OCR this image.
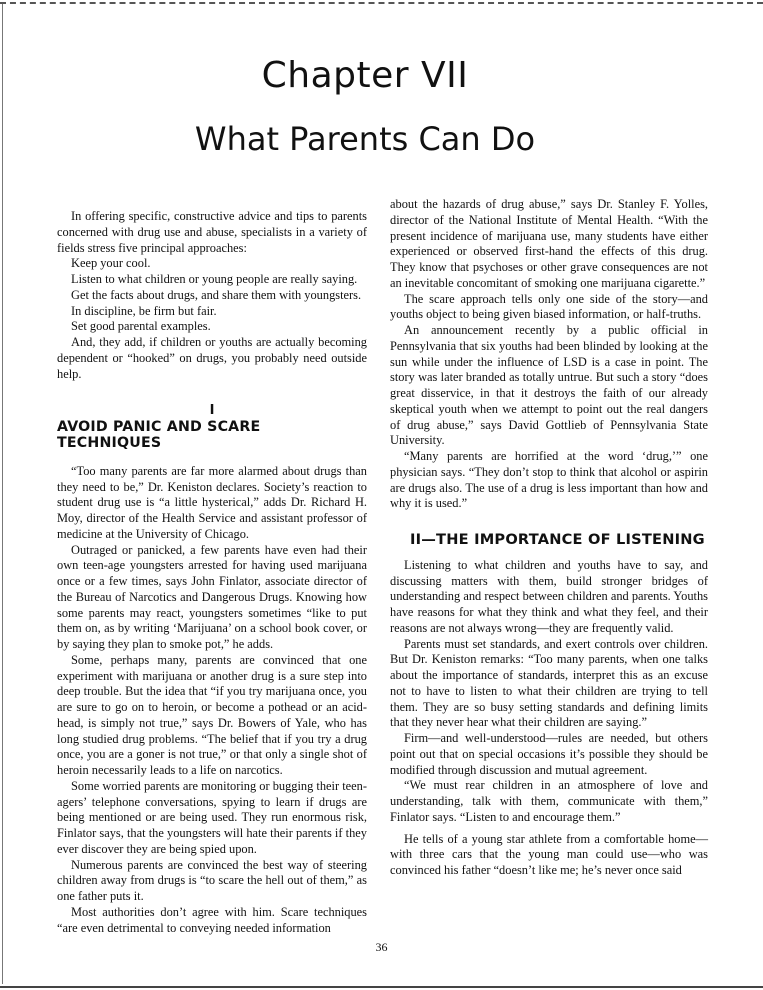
Chapter VII
What Parents Can Do

In offering specific, constructive advice and tips to parents concerned with drug use and abuse, specialists in a variety of fields stress five principal approaches:

Keep your cool.

Listen to what children or young people are really saying.

Get the facts about drugs, and share them with youngsters.

In discipline, be firm but fair.

Set good parental examples.

And, they add, if children or youths are actually becoming dependent or “hooked” on drugs, you probably need outside help.

I
AVOID PANIC AND SCARE TECHNIQUES

“Too many parents are far more alarmed about drugs than they need to be,” Dr. Keniston declares. Society’s reaction to student drug use is “a little hysterical,” adds Dr. Richard H. Moy, director of the Health Service and assistant professor of medicine at the University of Chicago.

Outraged or panicked, a few parents have even had their own teen-age youngsters arrested for having used marijuana once or a few times, says John Finlator, associate director of the Bureau of Narcotics and Dangerous Drugs. Knowing how some parents may react, youngsters sometimes “like to put them on, as by writing ‘Marijuana’ on a school book cover, or by saying they plan to smoke pot,” he adds.

Some, perhaps many, parents are convinced that one experiment with marijuana or another drug is a sure step into deep trouble. But the idea that “if you try marijuana once, you are sure to go on to heroin, or become a pothead or an acid-head, is simply not true,” says Dr. Bowers of Yale, who has long studied drug problems. “The belief that if you try a drug once, you are a goner is not true,” or that only a single shot of heroin necessarily leads to a life on narcotics.

Some worried parents are monitoring or bugging their teen-agers’ telephone conversations, spying to learn if drugs are being mentioned or are being used. They run enormous risk, Finlator says, that the youngsters will hate their parents if they ever discover they are being spied upon.

Numerous parents are convinced the best way of steering children away from drugs is “to scare the hell out of them,” as one father puts it.

Most authorities don’t agree with him. Scare techniques “are even detrimental to conveying needed information

about the hazards of drug abuse,” says Dr. Stanley F. Yolles, director of the National Institute of Mental Health. “With the present incidence of marijuana use, many students have either experienced or observed first-hand the effects of this drug. They know that psychoses or other grave consequences are not an inevitable concomitant of smoking one marijuana cigarette.”

The scare approach tells only one side of the story—and youths object to being given biased information, or half-truths.

An announcement recently by a public official in Pennsylvania that six youths had been blinded by looking at the sun while under the influence of LSD is a case in point. The story was later branded as totally untrue. But such a story “does great disservice, in that it destroys the faith of our already skeptical youth when we attempt to point out the real dangers of drug abuse,” says David Gottlieb of Pennsylvania State University.

“Many parents are horrified at the word ‘drug,’” one physician says. “They don’t stop to think that alcohol or aspirin are drugs also. The use of a drug is less important than how and why it is used.”

II—THE IMPORTANCE OF LISTENING

Listening to what children and youths have to say, and discussing matters with them, build stronger bridges of understanding and respect between children and parents. Youths have reasons for what they think and what they feel, and their reasons are not always wrong—they are frequently valid.

Parents must set standards, and exert controls over children. But Dr. Keniston remarks: “Too many parents, when one talks about the importance of standards, interpret this as an excuse not to have to listen to what their children are trying to tell them. They are so busy setting standards and defining limits that they never hear what their children are saying.”

Firm—and well-understood—rules are needed, but others point out that on special occasions it’s possible they should be modified through discussion and mutual agreement.

“We must rear children in an atmosphere of love and understanding, talk with them, communicate with them,” Finlator says. “Listen to and encourage them.”

He tells of a young star athlete from a comfortable home—with three cars that the young man could use—who was convinced his father “doesn’t like me; he’s never once said

36
